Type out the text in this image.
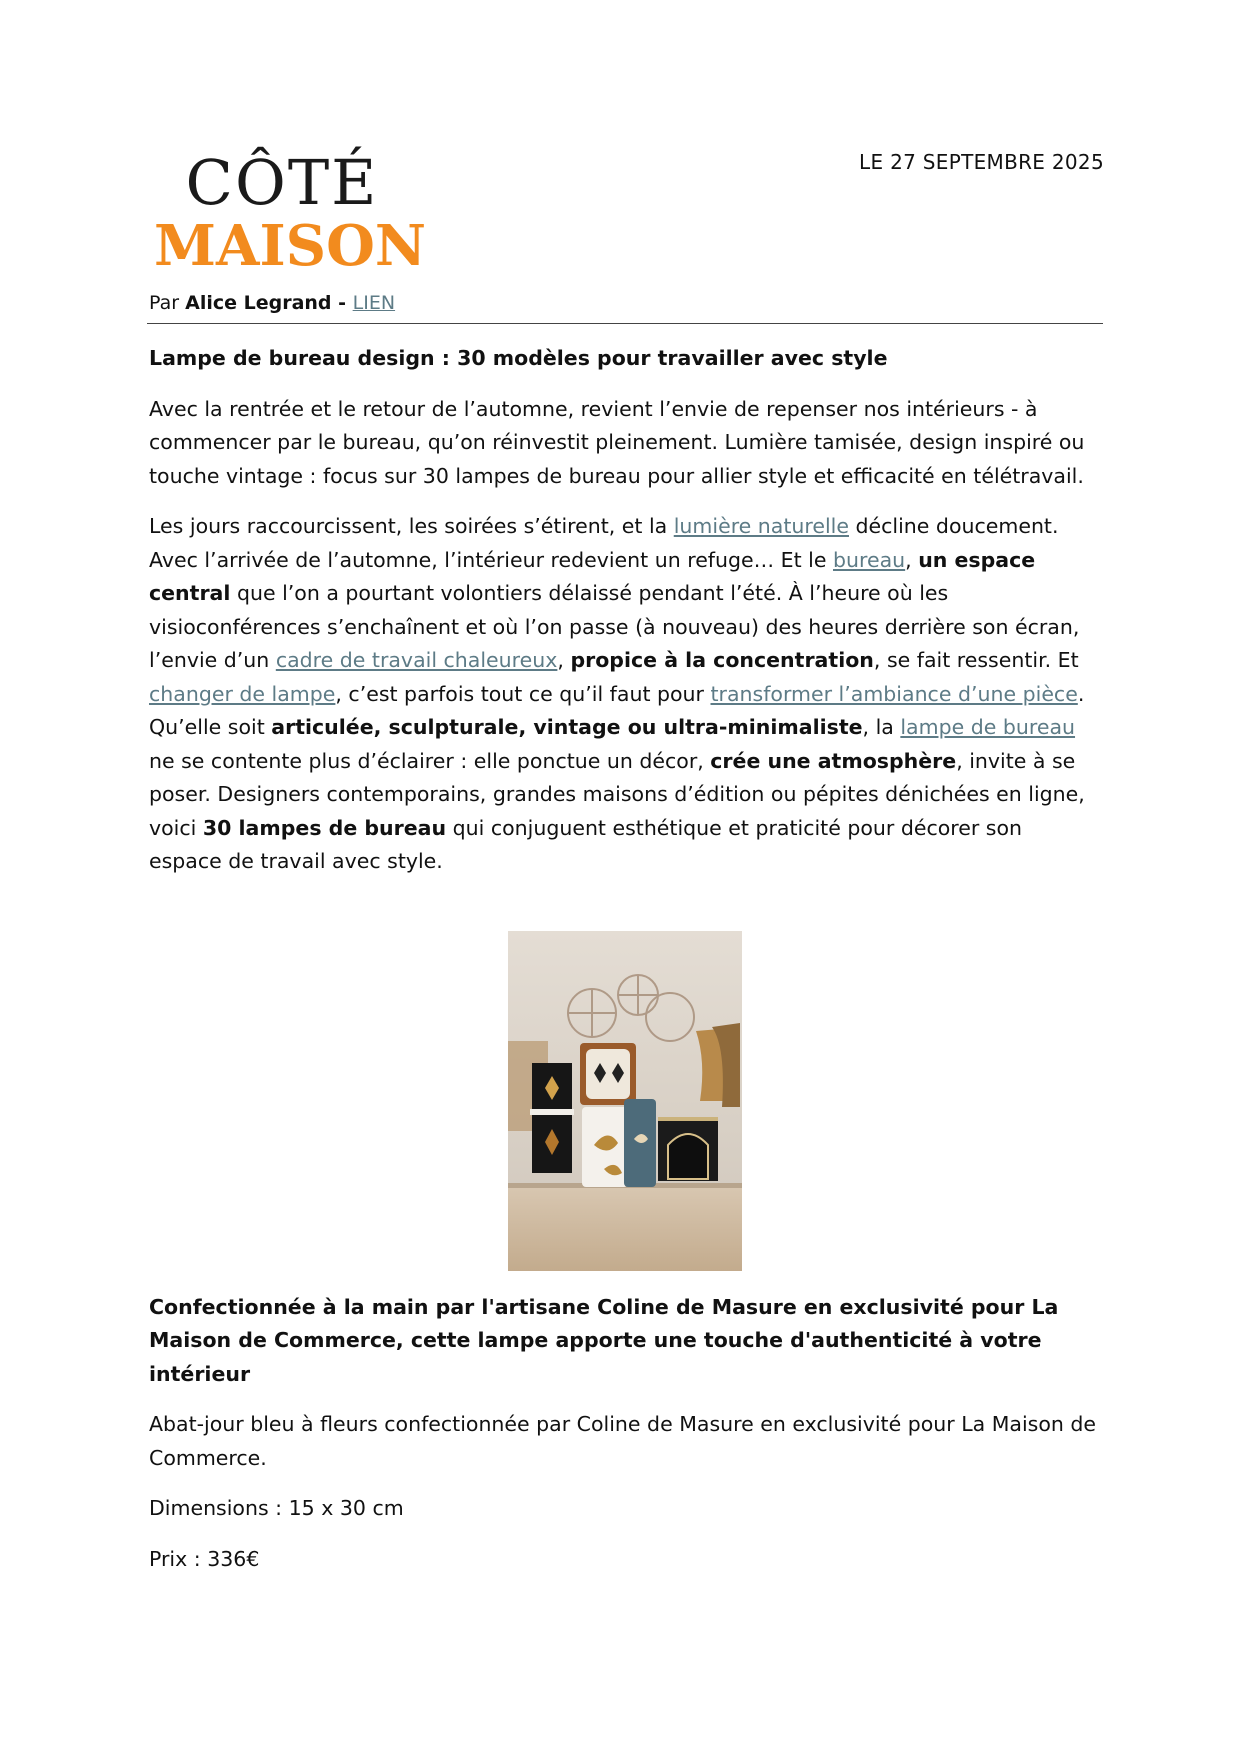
CÔTÉ
MAISON
LE 27 SEPTEMBRE 2025
Par Alice Legrand - LIEN
Lampe de bureau design : 30 modèles pour travailler avec style

Avec la rentrée et le retour de l’automne, revient l’envie de repenser nos intérieurs - à commencer par le bureau, qu’on réinvestit pleinement. Lumière tamisée, design inspiré ou touche vintage : focus sur 30 lampes de bureau pour allier style et efficacité en télétravail.

Les jours raccourcissent, les soirées s’étirent, et la lumière naturelle décline doucement. Avec l’arrivée de l’automne, l’intérieur redevient un refuge… Et le bureau, un espace central que l’on a pourtant volontiers délaissé pendant l’été. À l’heure où les visioconférences s’enchaînent et où l’on passe (à nouveau) des heures derrière son écran, l’envie d’un cadre de travail chaleureux, propice à la concentration, se fait ressentir. Et changer de lampe, c’est parfois tout ce qu’il faut pour transformer l’ambiance d’une pièce. Qu’elle soit articulée, sculpturale, vintage ou ultra-minimaliste, la lampe de bureau ne se contente plus d’éclairer : elle ponctue un décor, crée une atmosphère, invite à se poser. Designers contemporains, grandes maisons d’édition ou pépites dénichées en ligne, voici 30 lampes de bureau qui conjuguent esthétique et praticité pour décorer son espace de travail avec style.

Confectionnée à la main par l'artisane Coline de Masure en exclusivité pour La Maison de Commerce, cette lampe apporte une touche d'authenticité à votre intérieur

Abat-jour bleu à fleurs confectionnée par Coline de Masure en exclusivité pour La Maison de Commerce.

Dimensions : 15 x 30 cm

Prix : 336€
